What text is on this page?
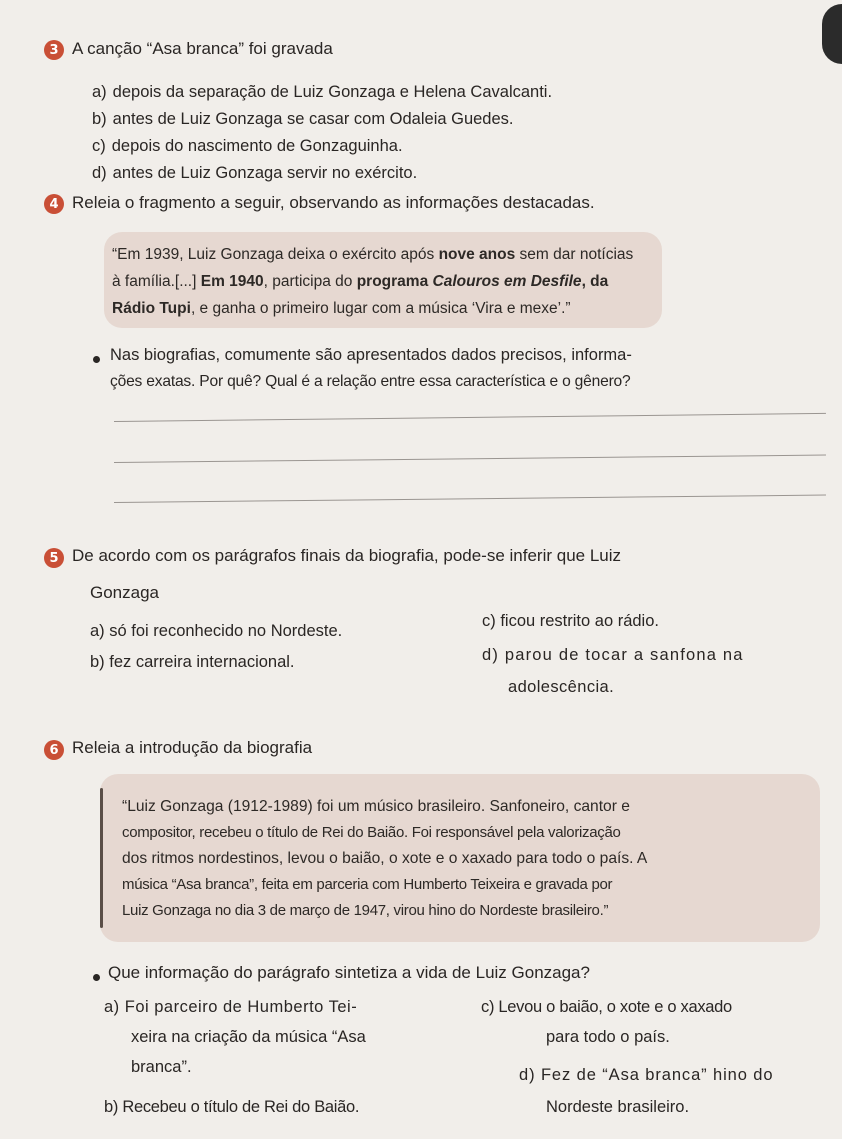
3 A canção “Asa branca” foi gravada
a) depois da separação de Luiz Gonzaga e Helena Cavalcanti.
b) antes de Luiz Gonzaga se casar com Odaleia Guedes.
c) depois do nascimento de Gonzaguinha.
d) antes de Luiz Gonzaga servir no exército.
4 Releia o fragmento a seguir, observando as informações destacadas.
“Em 1939, Luiz Gonzaga deixa o exército após nove anos sem dar notícias
à família.[...] Em 1940, participa do programa Calouros em Desfile, da
Rádio Tupi, e ganha o primeiro lugar com a música ‘Vira e mexe’.”
Nas biografias, comumente são apresentados dados precisos, informa-
ções exatas. Por quê? Qual é a relação entre essa característica e o gênero?
5 De acordo com os parágrafos finais da biografia, pode-se inferir que Luiz
Gonzaga
a) só foi reconhecido no Nordeste.
b) fez carreira internacional.
c) ficou restrito ao rádio.
d) parou de tocar a sanfona na
adolescência.
6 Releia a introdução da biografia
“Luiz Gonzaga (1912-1989) foi um músico brasileiro. Sanfoneiro, cantor e
compositor, recebeu o título de Rei do Baião. Foi responsável pela valorização
dos ritmos nordestinos, levou o baião, o xote e o xaxado para todo o país. A
música “Asa branca”, feita em parceria com Humberto Teixeira e gravada por
Luiz Gonzaga no dia 3 de março de 1947, virou hino do Nordeste brasileiro.”
Que informação do parágrafo sintetiza a vida de Luiz Gonzaga?
a) Foi parceiro de Humberto Tei-
xeira na criação da música “Asa
branca”.
b) Recebeu o título de Rei do Baião.
c) Levou o baião, o xote e o xaxado
para todo o país.
d) Fez de “Asa branca” hino do
Nordeste brasileiro.
